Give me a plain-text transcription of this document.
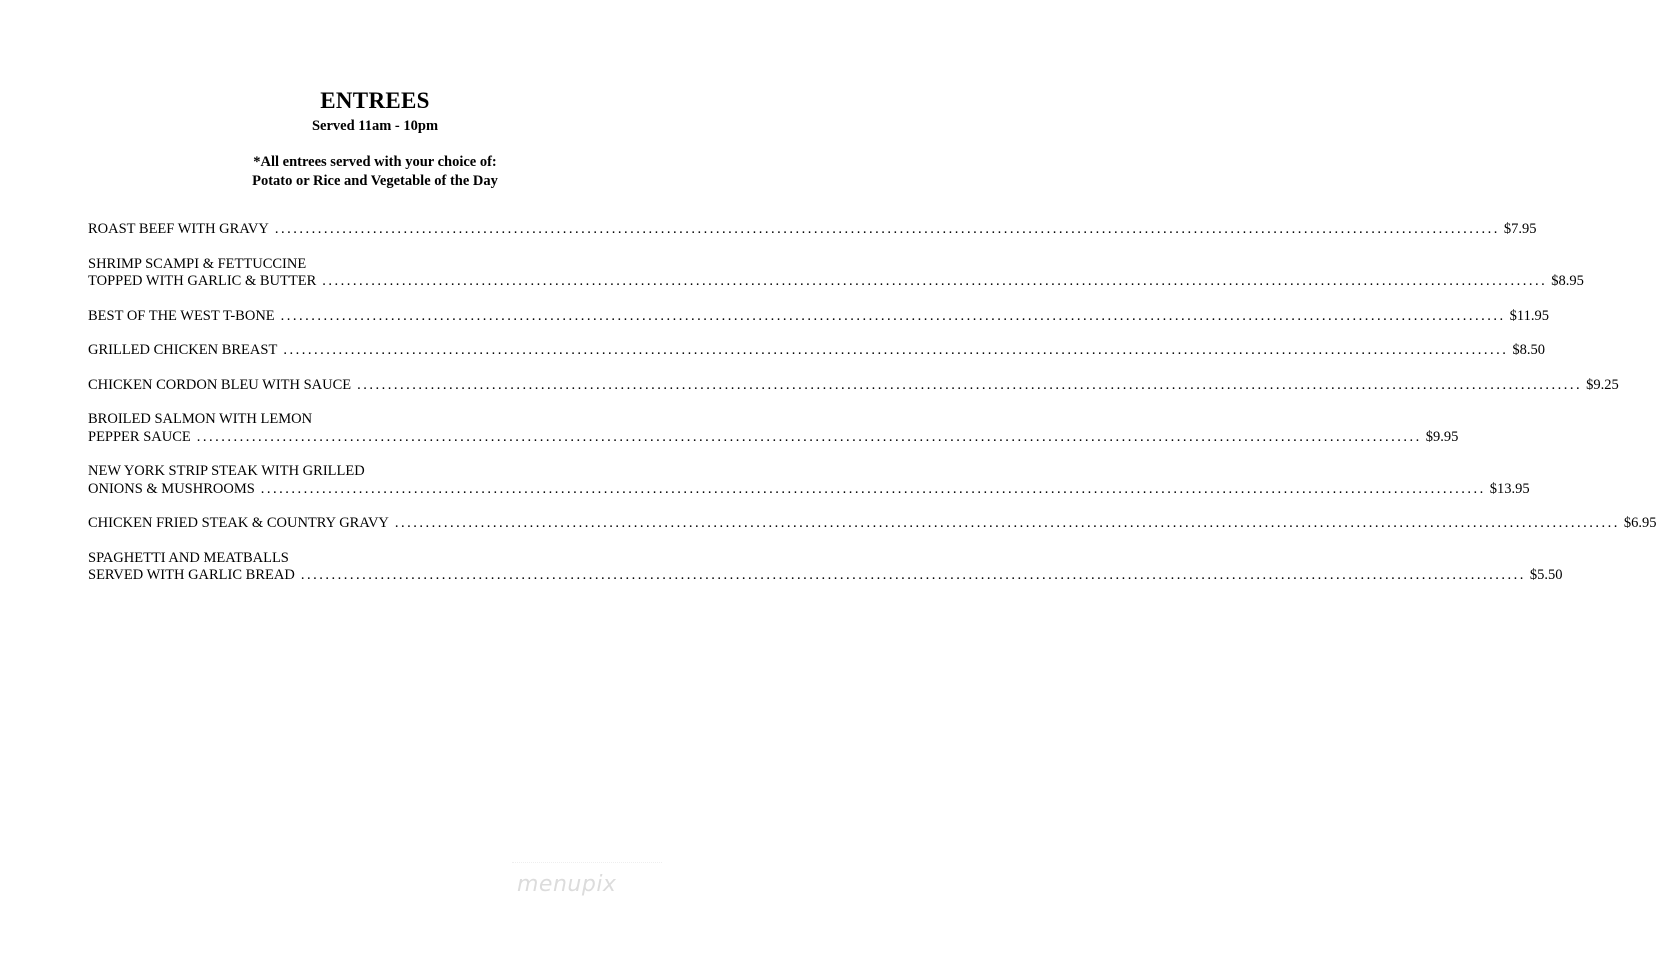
ENTREES
Served 11am - 10pm
*All entrees served with your choice of:
Potato or Rice and Vegetable of the Day
ROAST BEEF WITH GRAVY ........................................................................................................................................................................................................ $7.95
SHRIMP SCAMPI & FETTUCCINE
TOPPED WITH GARLIC & BUTTER ........................................................................................................................................................................................................ $8.95
BEST OF THE WEST T-BONE ........................................................................................................................................................................................................ $11.95
GRILLED CHICKEN BREAST ........................................................................................................................................................................................................ $8.50
CHICKEN CORDON BLEU WITH SAUCE ........................................................................................................................................................................................................ $9.25
BROILED SALMON WITH LEMON
PEPPER SAUCE ........................................................................................................................................................................................................ $9.95
NEW YORK STRIP STEAK WITH GRILLED
ONIONS & MUSHROOMS ........................................................................................................................................................................................................ $13.95
CHICKEN FRIED STEAK & COUNTRY GRAVY ........................................................................................................................................................................................................ $6.95
SPAGHETTI AND MEATBALLS
SERVED WITH GARLIC BREAD ........................................................................................................................................................................................................ $5.50
menupix
